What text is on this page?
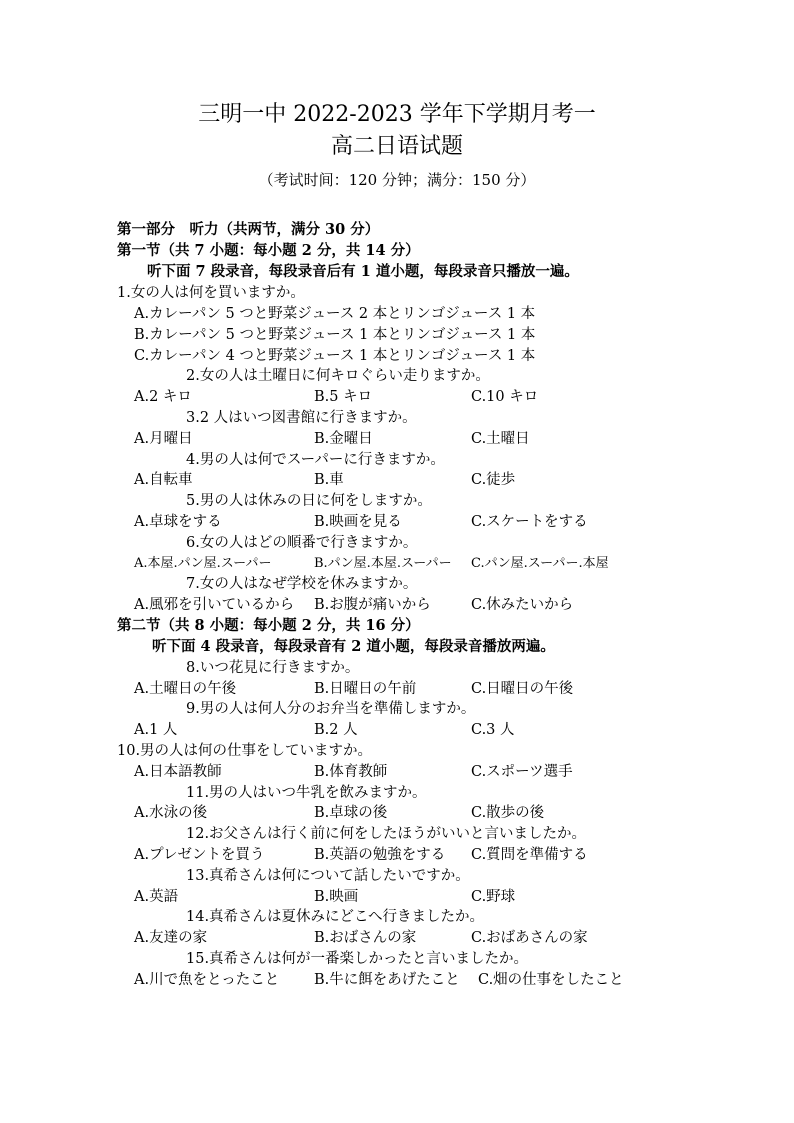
三明一中 2022-2023 学年下学期月考一
高二日语试题
（考试时间：120 分钟；满分：150 分）
第一部分　听力（共两节，满分 30 分）
第一节（共 7 小题：每小题 2 分，共 14 分）
听下面 7 段录音，每段录音后有 1 道小题，每段录音只播放一遍。
1.女の人は何を買いますか。
A.カレーパン 5 つと野菜ジュース 2 本とリンゴジュース 1 本
B.カレーパン 5 つと野菜ジュース 1 本とリンゴジュース 1 本
C.カレーパン 4 つと野菜ジュース 1 本とリンゴジュース 1 本
2.女の人は土曜日に何キロぐらい走りますか。
A.2 キロ	B.5 キロ	C.10 キロ
3.2 人はいつ図書館に行きますか。
A.月曜日	B.金曜日	C.土曜日
4.男の人は何でスーパーに行きますか。
A.自転車	B.車	C.徒歩
5.男の人は休みの日に何をしますか。
A.卓球をする	B.映画を見る	C.スケートをする
6.女の人はどの順番で行きますか。
A.本屋.パン屋.スーパー	B.パン屋.本屋.スーパー C.パン屋.スーパー.本屋
7.女の人はなぜ学校を休みますか。
A.風邪を引いているから B.お腹が痛いから	C.休みたいから
第二节（共 8 小题：每小题 2 分，共 16 分）
听下面 4 段录音，每段录音有 2 道小题，每段录音播放两遍。
8.いつ花見に行きますか。
A.土曜日の午後	B.日曜日の午前	C.日曜日の午後
9.男の人は何人分のお弁当を準備しますか。
A.1 人	B.2 人	C.3 人
10.男の人は何の仕事をしていますか。
A.日本語教師	B.体育教師	C.スポーツ選手
11.男の人はいつ牛乳を飲みますか。
A.水泳の後	B.卓球の後	C.散歩の後
12.お父さんは行く前に何をしたほうがいいと言いましたか。
A.プレゼントを買う	B.英語の勉強をする C.質問を準備する
13.真希さんは何について話したいですか。
A.英語	B.映画	C.野球
14.真希さんは夏休みにどこへ行きましたか。
A.友達の家	B.おばさんの家	C.おばあさんの家
15.真希さんは何が一番楽しかったと言いましたか。
A.川で魚をとったこと B.牛に餌をあげたこと C.畑の仕事をしたこと
